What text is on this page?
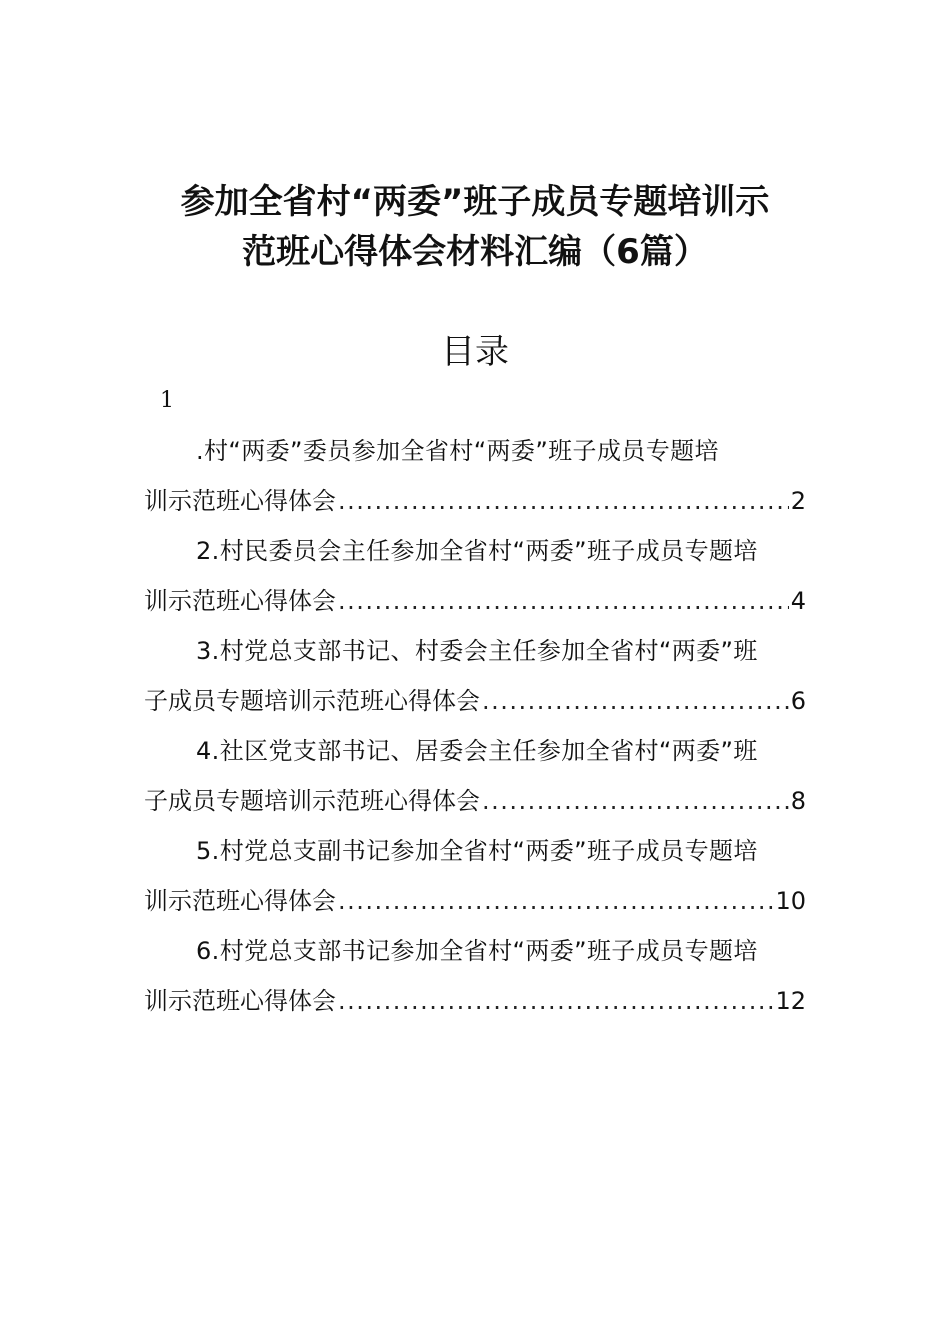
参加全省村“两委”班子成员专题培训示
范班心得体会材料汇编（6篇）
目录
1
.村“两委”委员参加全省村“两委”班子成员专题培
训示范班心得体会 .....	2
2.村民委员会主任参加全省村“两委”班子成员专题培
训示范班心得体会 .....	4
3.村党总支部书记、村委会主任参加全省村“两委”班
子成员专题培训示范班心得体会 .....	6
4.社区党支部书记、居委会主任参加全省村“两委”班
子成员专题培训示范班心得体会 .....	8
5.村党总支副书记参加全省村“两委”班子成员专题培
训示范班心得体会 .....	10
6.村党总支部书记参加全省村“两委”班子成员专题培
训示范班心得体会 .....	12
